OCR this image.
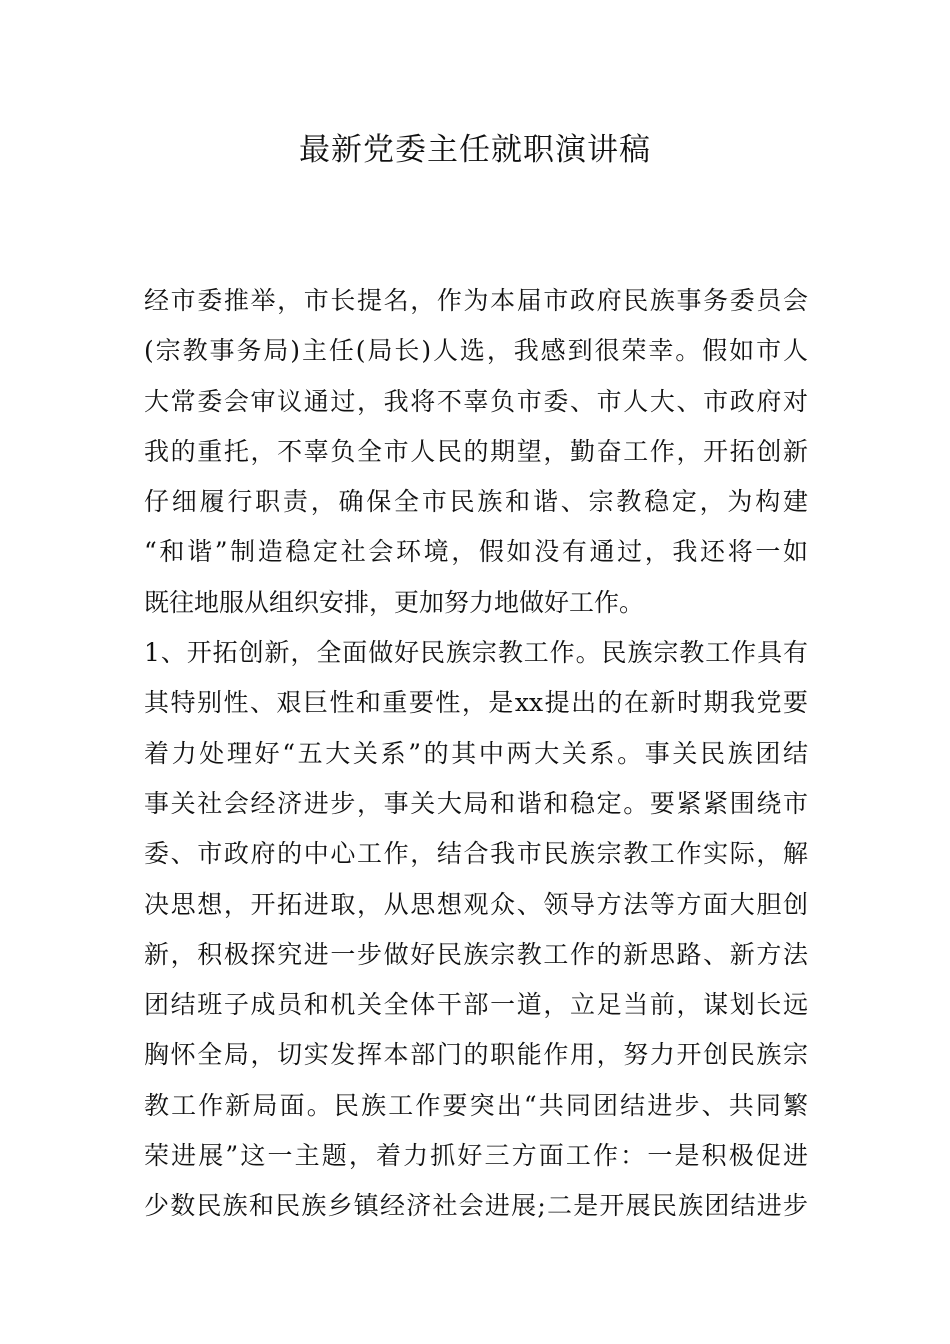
最新党委主任就职演讲稿
经市委推举，市长提名，作为本届市政府民族事务委员会
(宗教事务局)主任(局长)人选，我感到很荣幸。假如市人
大常委会审议通过，我将不辜负市委、市人大、市政府对
我的重托，不辜负全市人民的期望，勤奋工作，开拓创新
仔细履行职责，确保全市民族和谐、宗教稳定，为构建
“和谐”制造稳定社会环境，假如没有通过，我还将一如
既往地服从组织安排，更加努力地做好工作。
1、开拓创新，全面做好民族宗教工作。民族宗教工作具有
其特别性、艰巨性和重要性，是xx提出的在新时期我党要
着力处理好“五大关系”的其中两大关系。事关民族团结
事关社会经济进步，事关大局和谐和稳定。要紧紧围绕市
委、市政府的中心工作，结合我市民族宗教工作实际，解
决思想，开拓进取，从思想观众、领导方法等方面大胆创
新，积极探究进一步做好民族宗教工作的新思路、新方法
团结班子成员和机关全体干部一道，立足当前，谋划长远
胸怀全局，切实发挥本部门的职能作用，努力开创民族宗
教工作新局面。民族工作要突出“共同团结进步、共同繁
荣进展”这一主题，着力抓好三方面工作：一是积极促进
少数民族和民族乡镇经济社会进展;二是开展民族团结进步
